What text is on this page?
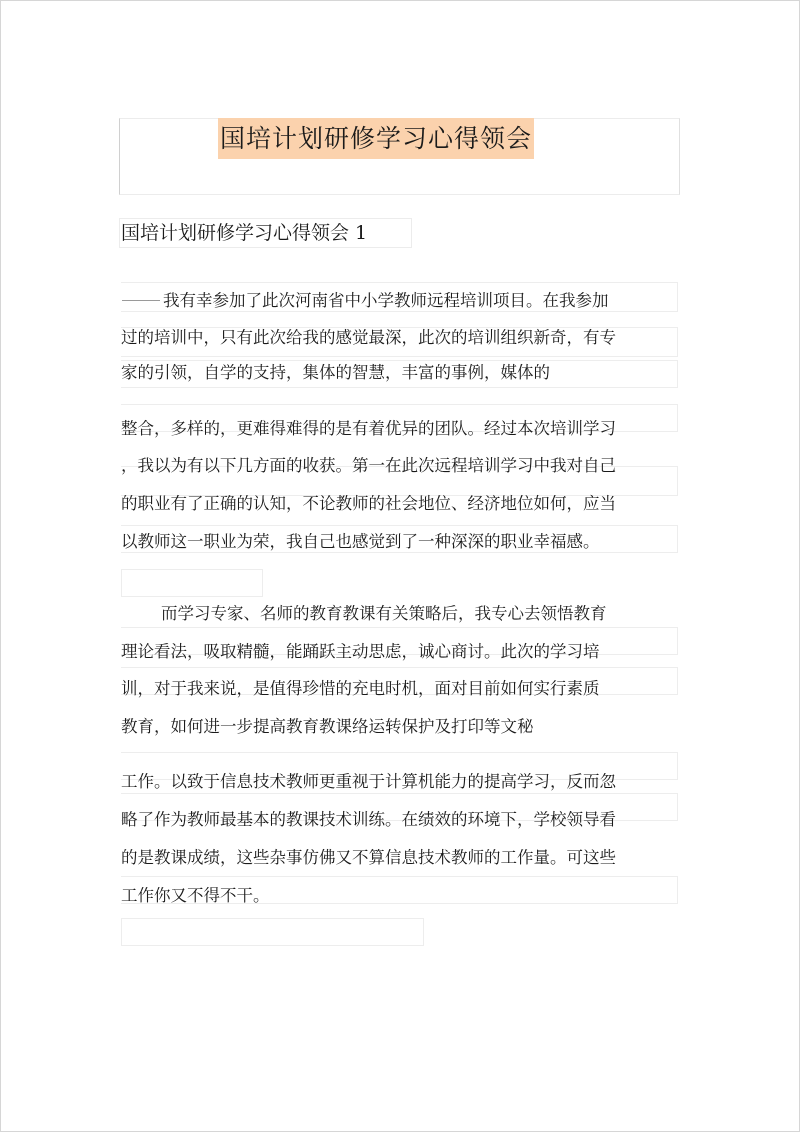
国培计划研修学习心得领会
国培计划研修学习心得领会 1
我有幸参加了此次河南省中小学教师远程培训项目。在我参加
过的培训中，只有此次给我的感觉最深，此次的培训组织新奇，有专
家的引领，自学的支持，集体的智慧，丰富的事例，媒体的
整合，多样的，更难得难得的是有着优异的团队。经过本次培训学习
，我以为有以下几方面的收获。第一在此次远程培训学习中我对自己
的职业有了正确的认知，不论教师的社会地位、经济地位如何，应当
以教师这一职业为荣，我自己也感觉到了一种深深的职业幸福感。
而学习专家、名师的教育教课有关策略后，我专心去领悟教育
理论看法，吸取精髓，能踊跃主动思虑，诚心商讨。此次的学习培
训，对于我来说，是值得珍惜的充电时机，面对目前如何实行素质
教育，如何进一步提高教育教课络运转保护及打印等文秘
工作。以致于信息技术教师更重视于计算机能力的提高学习，反而忽
略了作为教师最基本的教课技术训练。在绩效的环境下，学校领导看
的是教课成绩，这些杂事仿佛又不算信息技术教师的工作量。可这些
工作你又不得不干。
